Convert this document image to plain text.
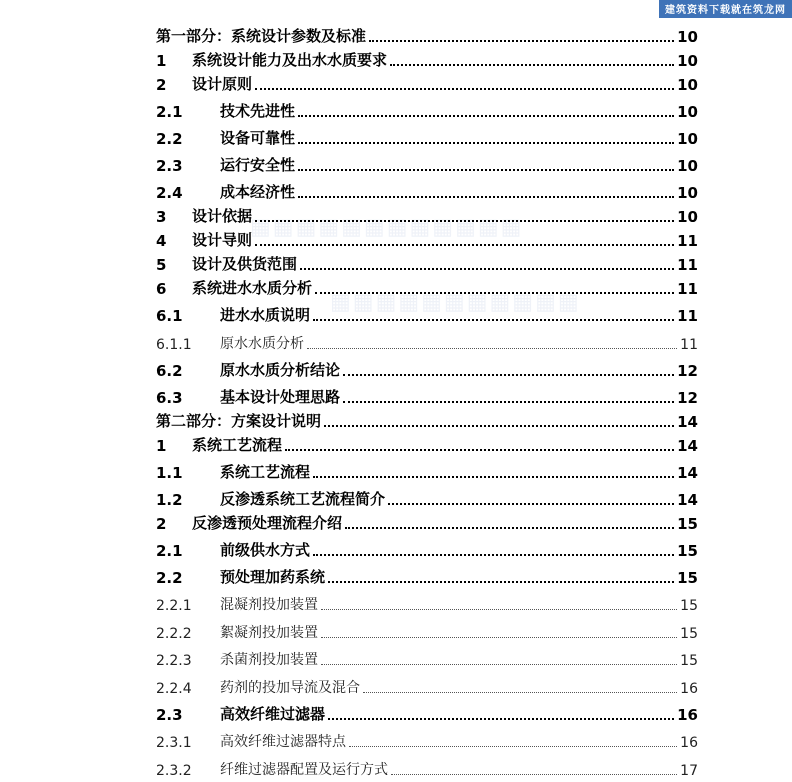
建筑资料下载就在筑龙网
▦▦▦▦▦▦▦▦▦▦▦▦
▦▦▦▦▦▦▦▦▦▦▦
第一部分：系统设计参数及标准	10
1	系统设计能力及出水水质要求	10
2	设计原则	10
2.1	技术先进性	10
2.2	设备可靠性	10
2.3	运行安全性	10
2.4	成本经济性	10
3	设计依据	10
4	设计导则	11
5	设计及供货范围	11
6	系统进水水质分析	11
6.1	进水水质说明	11
6.1.1	原水水质分析	11
6.2	原水水质分析结论	12
6.3	基本设计处理思路	12
第二部分：方案设计说明	14
1	系统工艺流程	14
1.1	系统工艺流程	14
1.2	反渗透系统工艺流程简介	14
2	反渗透预处理流程介绍	15
2.1	前级供水方式	15
2.2	预处理加药系统	15
2.2.1	混凝剂投加装置	15
2.2.2	絮凝剂投加装置	15
2.2.3	杀菌剂投加装置	15
2.2.4	药剂的投加导流及混合	16
2.3	高效纤维过滤器	16
2.3.1	高效纤维过滤器特点	16
2.3.2	纤维过滤器配置及运行方式	17
